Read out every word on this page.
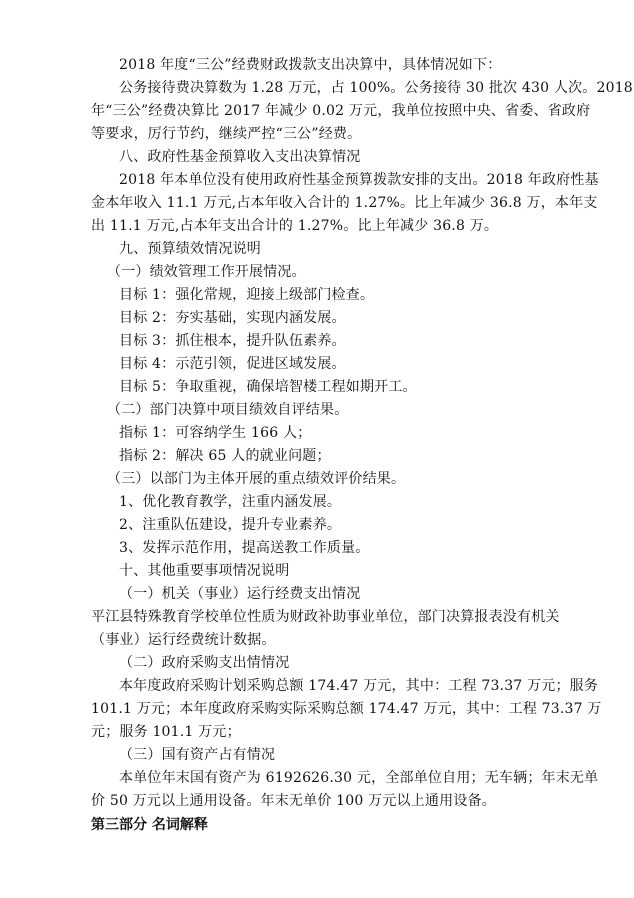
2018 年度“三公”经费财政拨款支出决算中，具体情况如下：
公务接待费决算数为 1.28 万元，占 100%。公务接待 30 批次 430 人次。2018
年“三公”经费决算比 2017 年减少 0.02 万元，我单位按照中央、省委、省政府
等要求，厉行节约，继续严控“三公”经费。
八、政府性基金预算收入支出决算情况
2018 年本单位没有使用政府性基金预算拨款安排的支出。2018 年政府性基
金本年收入 11.1 万元,占本年收入合计的 1.27%。比上年减少 36.8 万，本年支
出 11.1 万元,占本年支出合计的 1.27%。比上年减少 36.8 万。
九、预算绩效情况说明
（一）绩效管理工作开展情况。
目标 1：强化常规，迎接上级部门检查。
目标 2：夯实基础，实现内涵发展。
目标 3：抓住根本，提升队伍素养。
目标 4：示范引领，促进区域发展。
目标 5：争取重视，确保培智楼工程如期开工。
（二）部门决算中项目绩效自评结果。
指标 1：可容纳学生 166 人；
指标 2：解决 65 人的就业问题；
（三）以部门为主体开展的重点绩效评价结果。
1、优化教育教学，注重内涵发展。
2、注重队伍建设，提升专业素养。
3、发挥示范作用，提高送教工作质量。
十、其他重要事项情况说明
（一）机关（事业）运行经费支出情况
平江县特殊教育学校单位性质为财政补助事业单位，部门决算报表没有机关
（事业）运行经费统计数据。
（二）政府采购支出情情况
本年度政府采购计划采购总额 174.47 万元，其中：工程 73.37 万元；服务
101.1 万元；本年度政府采购实际采购总额 174.47 万元，其中：工程 73.37 万
元；服务 101.1 万元；
（三）国有资产占有情况
本单位年末国有资产为 6192626.30 元，全部单位自用；无车辆；年末无单
价 50 万元以上通用设备。年末无单价 100 万元以上通用设备。
第三部分 名词解释
